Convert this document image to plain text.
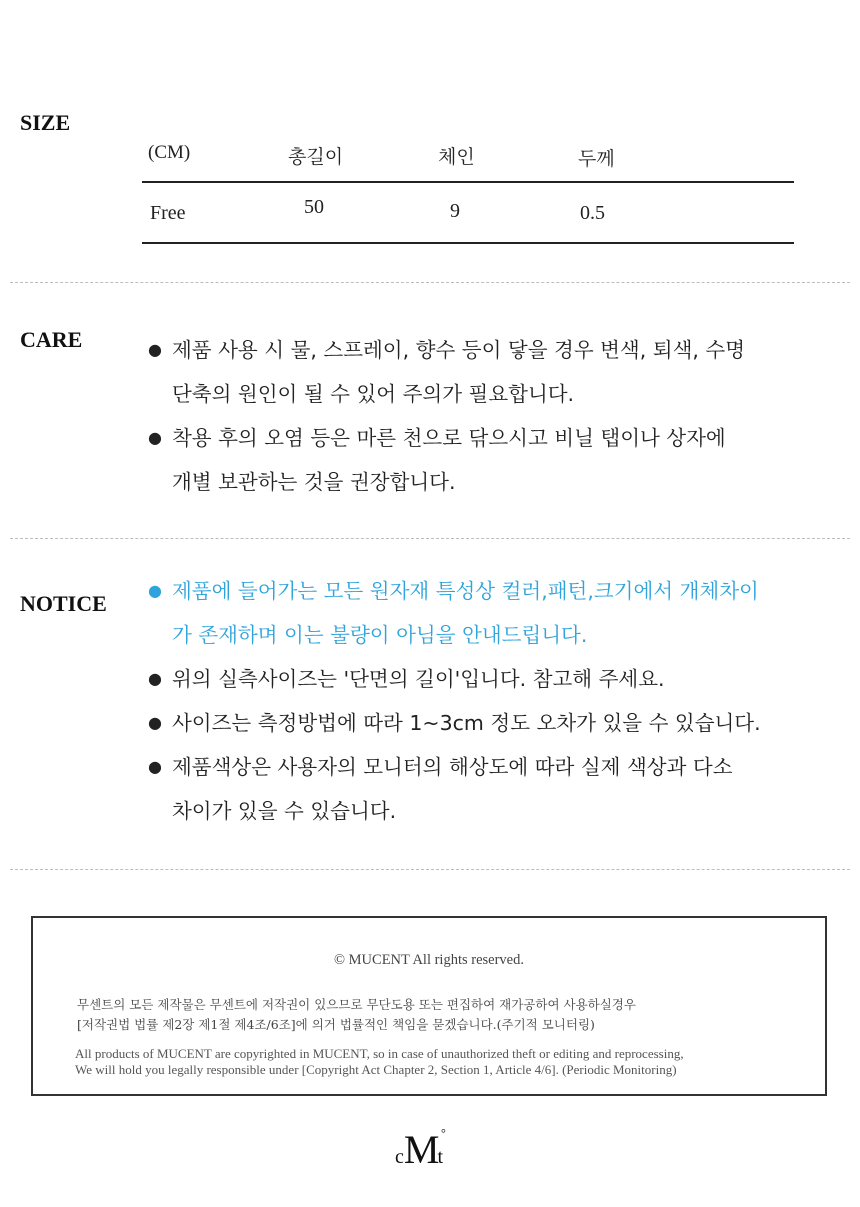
SIZE
(CM)	총길이	체인	두께
Free	50	9	0.5
CARE	● 제품 사용 시 물, 스프레이, 향수 등이 닿을 경우 변색, 퇴색, 수명
단축의 원인이 될 수 있어 주의가 필요합니다.
● 착용 후의 오염 등은 마른 천으로 닦으시고 비닐 탭이나 상자에
개별 보관하는 것을 권장합니다.
NOTICE
● 제품에 들어가는 모든 원자재 특성상 컬러,패턴,크기에서 개체차이
가 존재하며 이는 불량이 아님을 안내드립니다.
● 위의 실측사이즈는 '단면의 길이'입니다. 참고해 주세요.
● 사이즈는 측정방법에 따라 1~3cm 정도 오차가 있을 수 있습니다.
● 제품색상은 사용자의 모니터의 해상도에 따라 실제 색상과 다소
차이가 있을 수 있습니다.
© MUCENT All rights reserved.
무센트의 모든 제작물은 무센트에 저작권이 있으므로 무단도용 또는 편집하여 재가공하여 사용하실경우
[저작권법 법률 제2장 제1절 제4조/6조]에 의거 법률적인 책임을 묻겠습니다.(주기적 모니터링)
All products of MUCENT are copyrighted in MUCENT, so in case of unauthorized theft or editing and reprocessing,
We will hold you legally responsible under [Copyright Act Chapter 2, Section 1, Article 4/6]. (Periodic Monitoring)
cMt°
